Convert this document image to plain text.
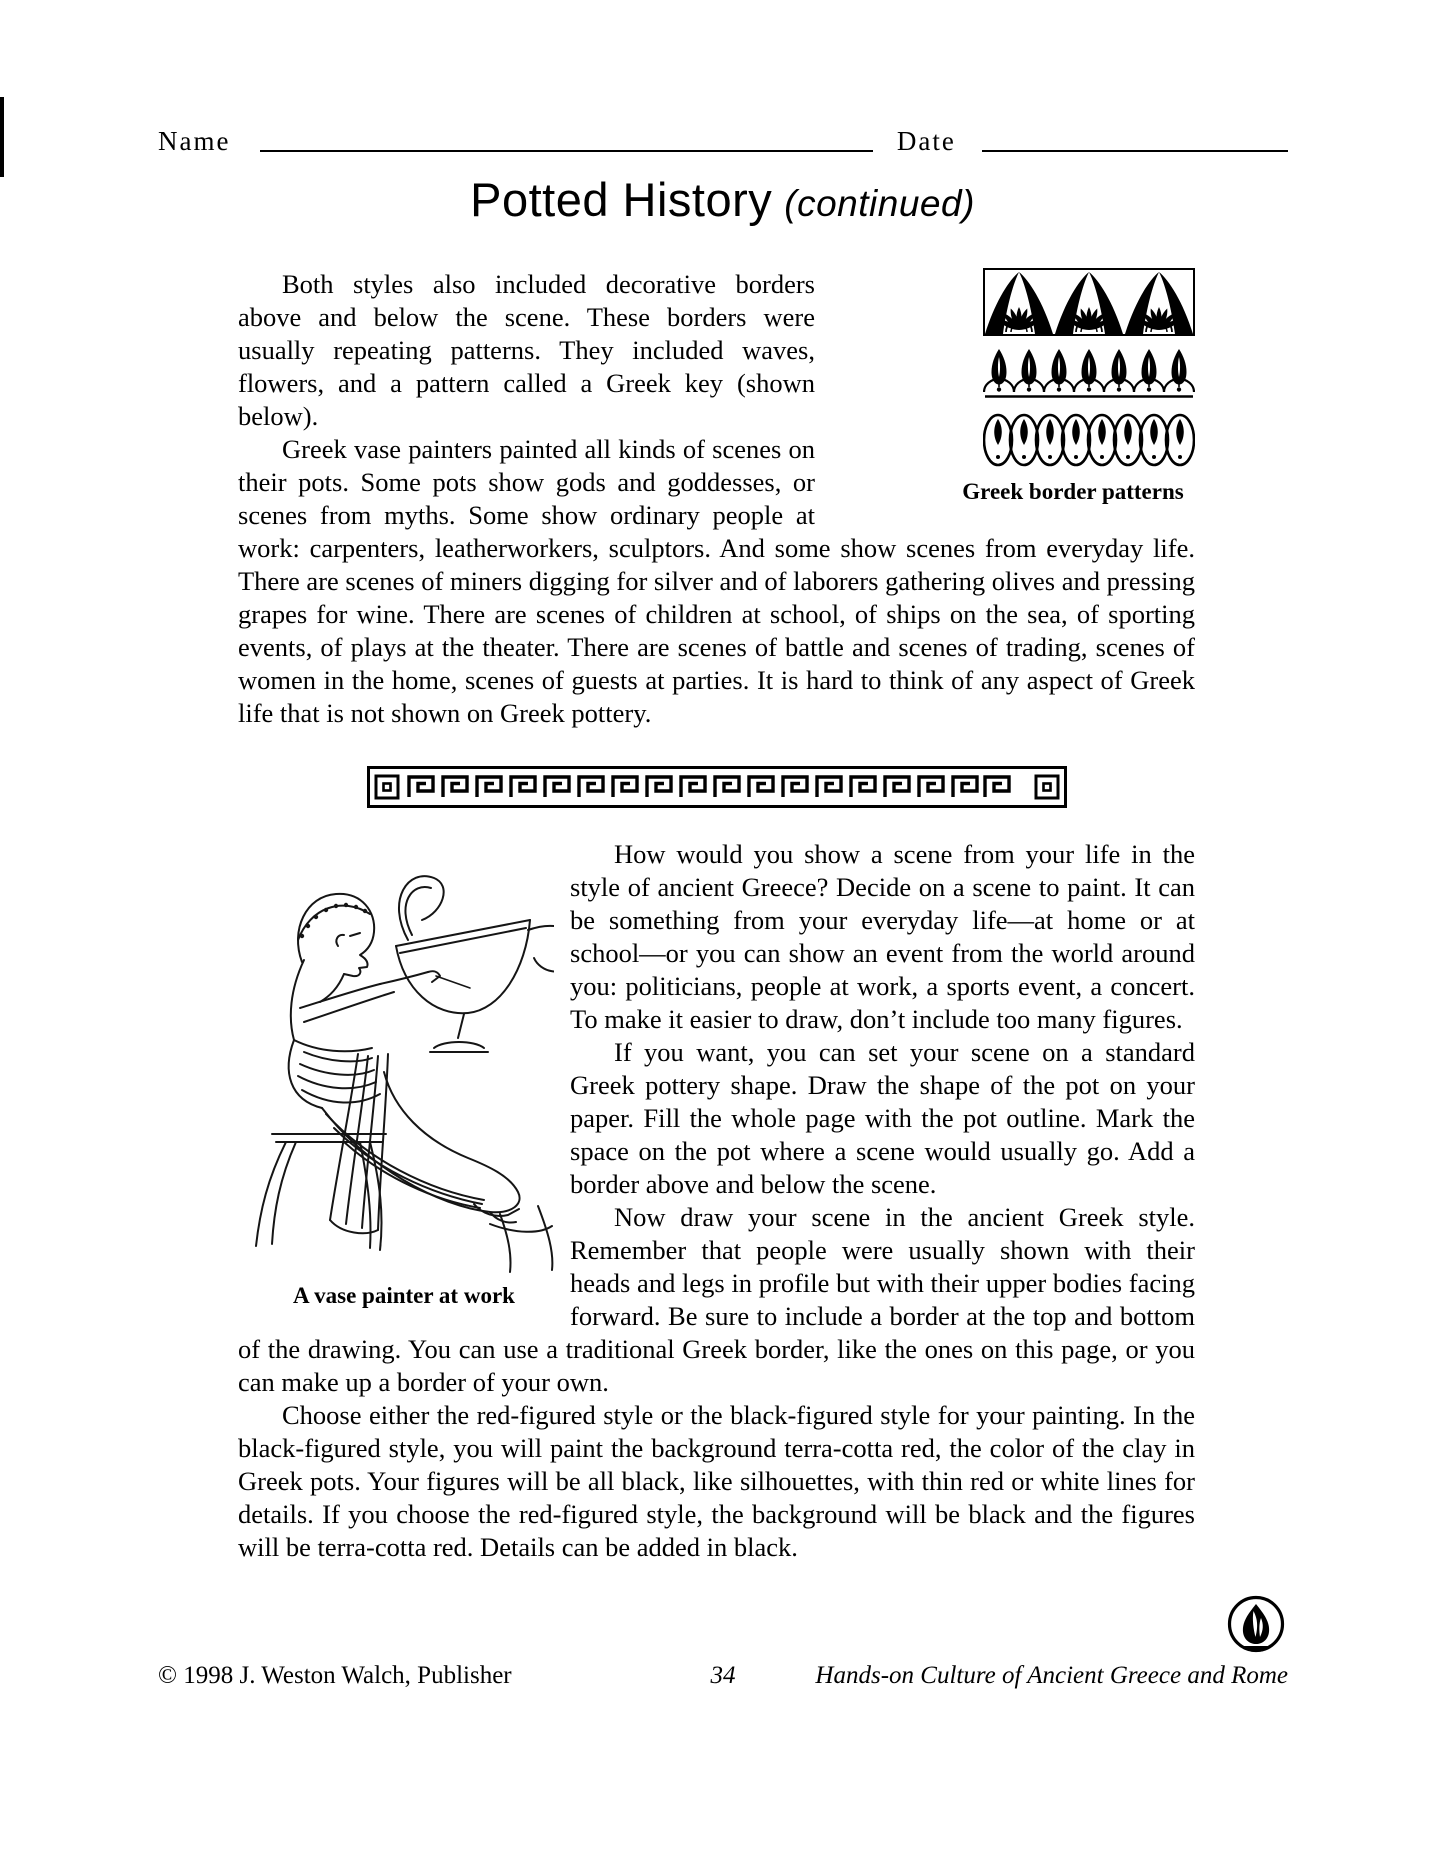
Name	Date
Potted History (continued)
Greek border patterns

Both styles also included decorative borders above and below the scene. These borders were usually repeating patterns. They included waves, flowers, and a pattern called a Greek key (shown below).

Greek vase painters painted all kinds of scenes on their pots. Some pots show gods and goddesses, or scenes from myths. Some show ordinary people at work: carpenters, leatherworkers, sculptors. And some show scenes from everyday life. There are scenes of miners digging for silver and of laborers gathering olives and pressing grapes for wine. There are scenes of children at school, of ships on the sea, of sporting events, of plays at the theater. There are scenes of battle and scenes of trading, scenes of women in the home, scenes of guests at parties. It is hard to think of any aspect of Greek life that is not shown on Greek pottery.

A vase painter at work

How would you show a scene from your life in the style of ancient Greece? Decide on a scene to paint. It can be something from your everyday life—at home or at school—or you can show an event from the world around you: politicians, people at work, a sports event, a concert. To make it easier to draw, don’t include too many figures.

If you want, you can set your scene on a standard Greek pottery shape. Draw the shape of the pot on your paper. Fill the whole page with the pot outline. Mark the space on the pot where a scene would usually go. Add a border above and below the scene.

Now draw your scene in the ancient Greek style. Remember that people were usually shown with their heads and legs in profile but with their upper bodies facing forward. Be sure to include a border at the top and bottom of the drawing. You can use a traditional Greek border, like the ones on this page, or you can make up a border of your own.

Choose either the red-figured style or the black-figured style for your painting. In the black-figured style, you will paint the background terra-cotta red, the color of the clay in Greek pots. Your figures will be all black, like silhouettes, with thin red or white lines for details. If you choose the red-figured style, the background will be black and the figures will be terra-cotta red. Details can be added in black.

© 1998 J. Weston Walch, Publisher	34	Hands-on Culture of Ancient Greece and Rome
